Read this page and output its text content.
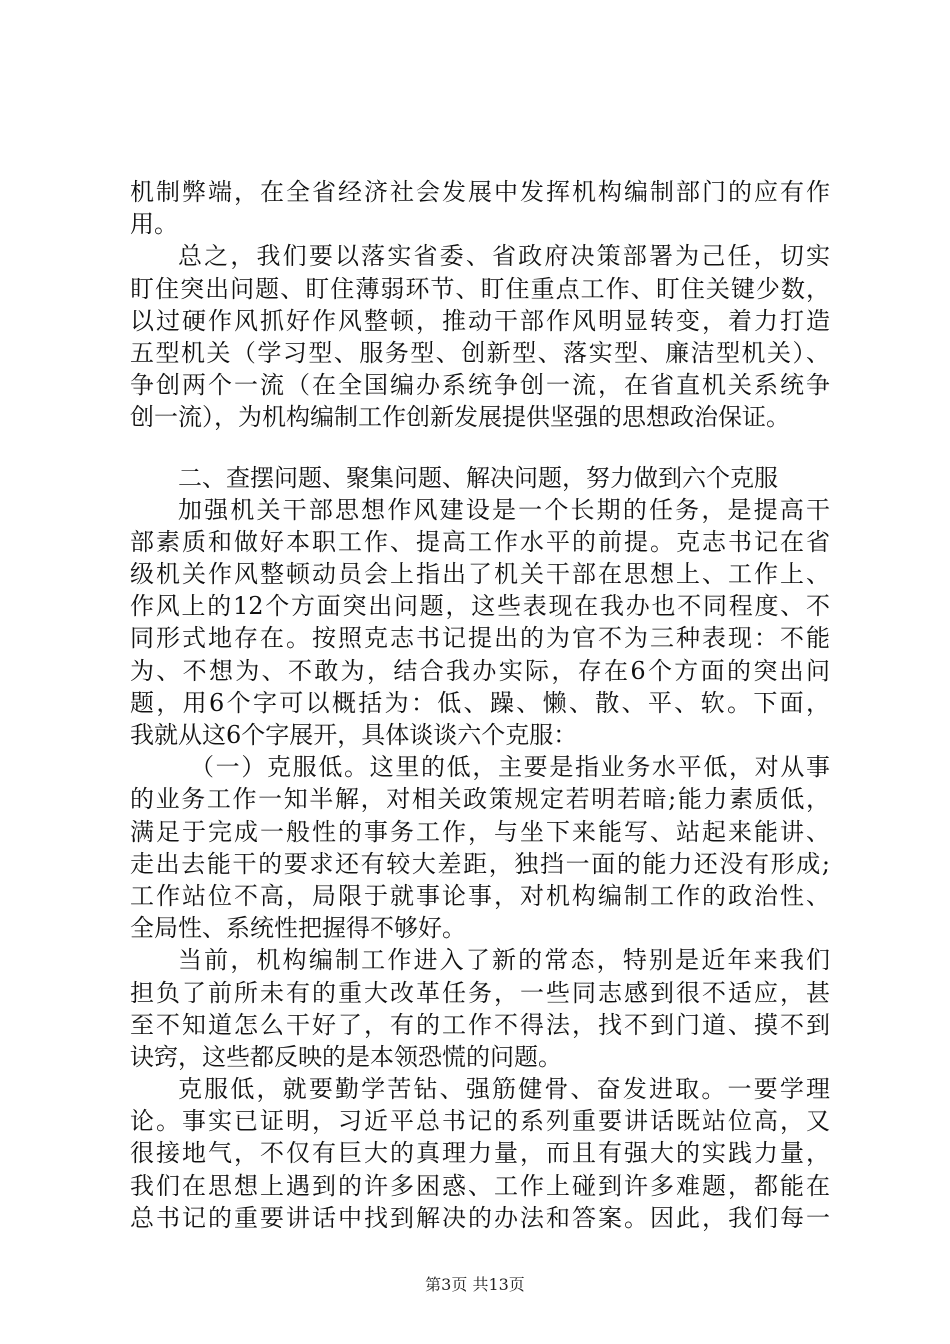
机制弊端，在全省经济社会发展中发挥机构编制部门的应有作
用。
总之，我们要以落实省委、省政府决策部署为己任，切实
盯住突出问题、盯住薄弱环节、盯住重点工作、盯住关键少数，
以过硬作风抓好作风整顿，推动干部作风明显转变，着力打造
五型机关（学习型、服务型、创新型、落实型、廉洁型机关）、
争创两个一流（在全国编办系统争创一流，在省直机关系统争
创一流），为机构编制工作创新发展提供坚强的思想政治保证。
二、查摆问题、聚集问题、解决问题，努力做到六个克服
加强机关干部思想作风建设是一个长期的任务，是提高干
部素质和做好本职工作、提高工作水平的前提。克志书记在省
级机关作风整顿动员会上指出了机关干部在思想上、工作上、
作风上的12个方面突出问题，这些表现在我办也不同程度、不
同形式地存在。按照克志书记提出的为官不为三种表现：不能
为、不想为、不敢为，结合我办实际，存在6个方面的突出问
题，用6个字可以概括为：低、躁、懒、散、平、软。下面，
我就从这6个字展开，具体谈谈六个克服：
（一）克服低。这里的低，主要是指业务水平低，对从事
的业务工作一知半解，对相关政策规定若明若暗;能力素质低，
满足于完成一般性的事务工作，与坐下来能写、站起来能讲、
走出去能干的要求还有较大差距，独挡一面的能力还没有形成;
工作站位不高，局限于就事论事，对机构编制工作的政治性、
全局性、系统性把握得不够好。
当前，机构编制工作进入了新的常态，特别是近年来我们
担负了前所未有的重大改革任务，一些同志感到很不适应，甚
至不知道怎么干好了，有的工作不得法，找不到门道、摸不到
诀窍，这些都反映的是本领恐慌的问题。
克服低，就要勤学苦钻、强筋健骨、奋发进取。一要学理
论。事实已证明，习近平总书记的系列重要讲话既站位高，又
很接地气，不仅有巨大的真理力量，而且有强大的实践力量，
我们在思想上遇到的许多困惑、工作上碰到许多难题，都能在
总书记的重要讲话中找到解决的办法和答案。因此，我们每一
第3页 共13页
